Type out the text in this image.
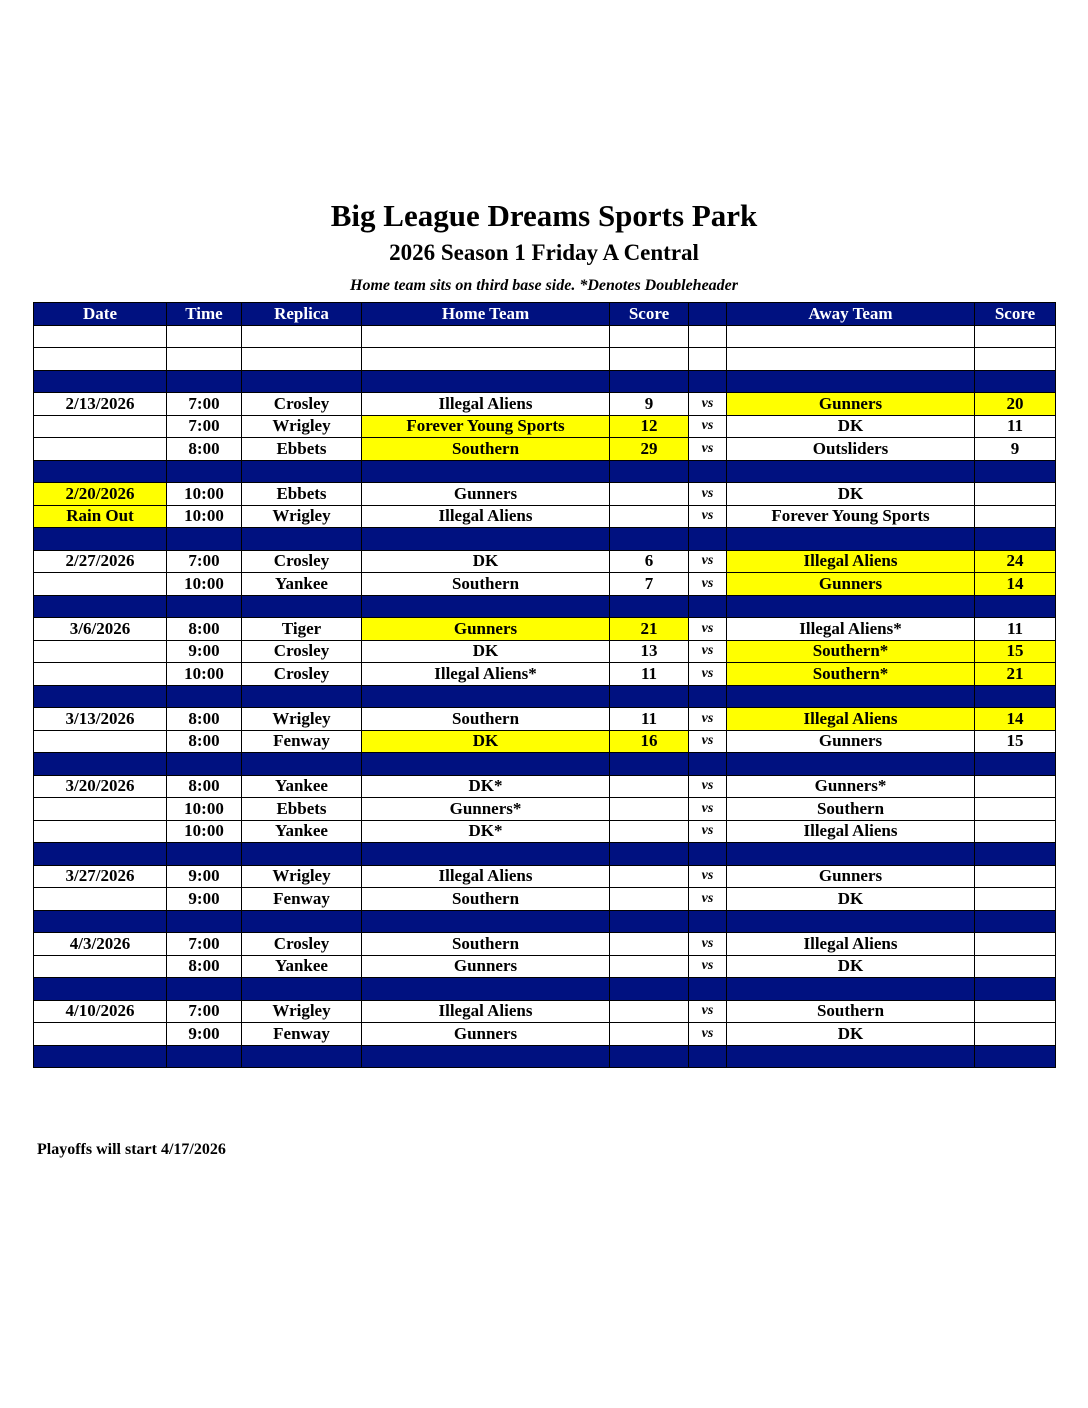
Big League Dreams Sports Park
2026 Season 1 Friday A Central
Home team sits on third base side. *Denotes Doubleheader
Date	Time	Replica	Home Team	Score		Away Team	Score

2/13/2026	7:00	Crosley	Illegal Aliens	9	vs	Gunners	20
	7:00	Wrigley	Forever Young Sports	12	vs	DK	11
	8:00	Ebbets	Southern	29	vs	Outsliders	9

2/20/2026	10:00	Ebbets	Gunners		vs	DK	
Rain Out	10:00	Wrigley	Illegal Aliens		vs	Forever Young Sports	

2/27/2026	7:00	Crosley	DK	6	vs	Illegal Aliens	24
	10:00	Yankee	Southern	7	vs	Gunners	14

3/6/2026	8:00	Tiger	Gunners	21	vs	Illegal Aliens*	11
	9:00	Crosley	DK	13	vs	Southern*	15
	10:00	Crosley	Illegal Aliens*	11	vs	Southern*	21

3/13/2026	8:00	Wrigley	Southern	11	vs	Illegal Aliens	14
	8:00	Fenway	DK	16	vs	Gunners	15

3/20/2026	8:00	Yankee	DK*		vs	Gunners*	
	10:00	Ebbets	Gunners*		vs	Southern	
	10:00	Yankee	DK*		vs	Illegal Aliens	

3/27/2026	9:00	Wrigley	Illegal Aliens		vs	Gunners	
	9:00	Fenway	Southern		vs	DK	

4/3/2026	7:00	Crosley	Southern		vs	Illegal Aliens	
	8:00	Yankee	Gunners		vs	DK	

4/10/2026	7:00	Wrigley	Illegal Aliens		vs	Southern	
	9:00	Fenway	Gunners		vs	DK	

Playoffs will start 4/17/2026
